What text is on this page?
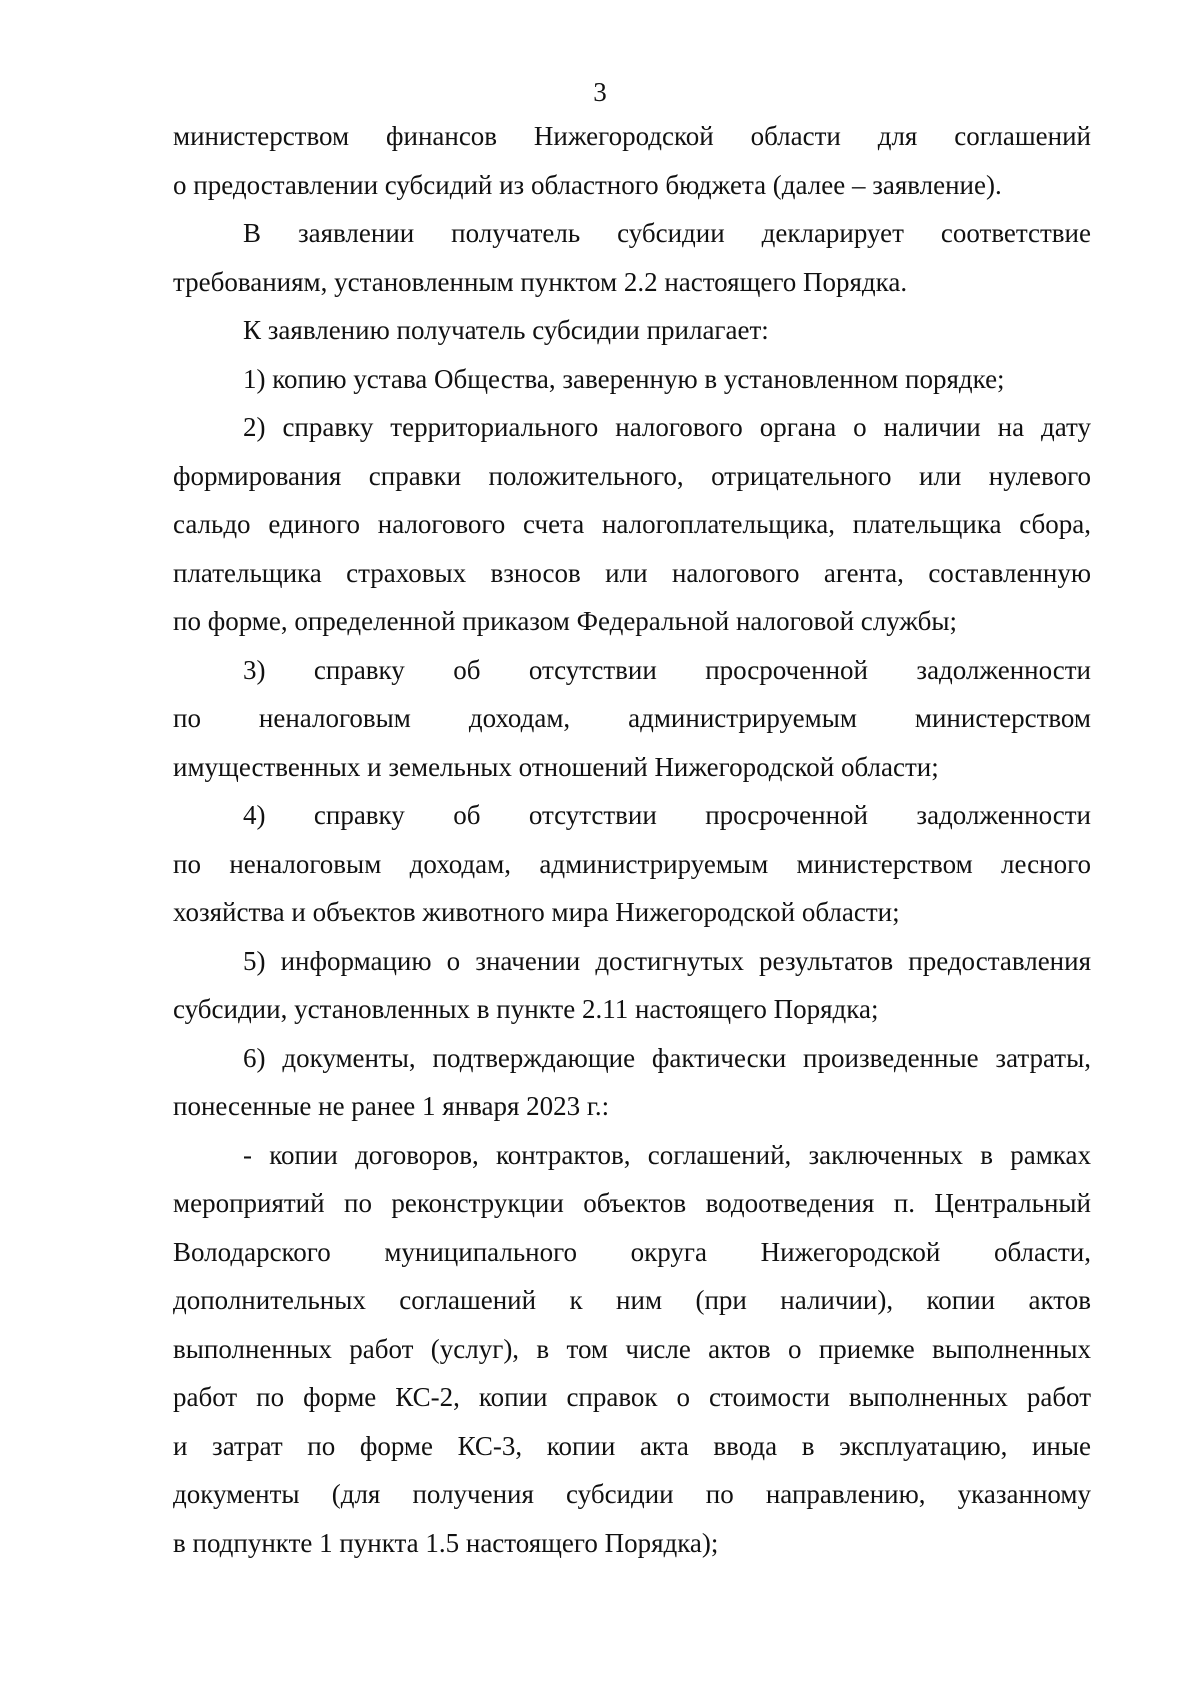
3

министерством финансов Нижегородской области для соглашений
о предоставлении субсидий из областного бюджета (далее – заявление).

В заявлении получатель субсидии декларирует соответствие
требованиям, установленным пунктом 2.2 настоящего Порядка.

К заявлению получатель субсидии прилагает:

1) копию устава Общества, заверенную в установленном порядке;

2) справку территориального налогового органа о наличии на дату
формирования справки положительного, отрицательного или нулевого
сальдо единого налогового счета налогоплательщика, плательщика сбора,
плательщика страховых взносов или налогового агента, составленную
по форме, определенной приказом Федеральной налоговой службы;

3) справку об отсутствии просроченной задолженности
по неналоговым доходам, администрируемым министерством
имущественных и земельных отношений Нижегородской области;

4) справку об отсутствии просроченной задолженности
по неналоговым доходам, администрируемым министерством лесного
хозяйства и объектов животного мира Нижегородской области;

5) информацию о значении достигнутых результатов предоставления
субсидии, установленных в пункте 2.11 настоящего Порядка;

6) документы, подтверждающие фактически произведенные затраты,
понесенные не ранее 1 января 2023 г.:

- копии договоров, контрактов, соглашений, заключенных в рамках
мероприятий по реконструкции объектов водоотведения п. Центральный
Володарского муниципального округа Нижегородской области,
дополнительных соглашений к ним (при наличии), копии актов
выполненных работ (услуг), в том числе актов о приемке выполненных
работ по форме КС-2, копии справок о стоимости выполненных работ
и затрат по форме КС-3, копии акта ввода в эксплуатацию, иные
документы (для получения субсидии по направлению, указанному
в подпункте 1 пункта 1.5 настоящего Порядка);
